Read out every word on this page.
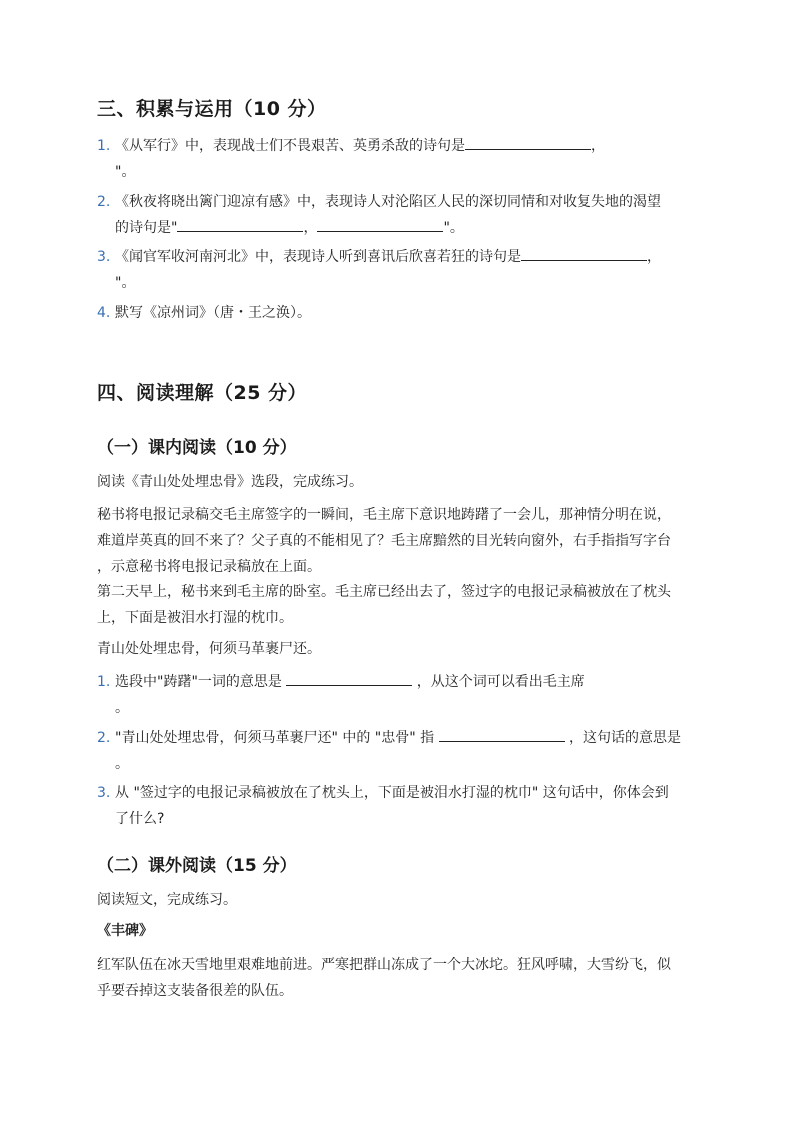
三、积累与运用（10 分）
1. 《从军行》中，表现战士们不畏艰苦、英勇杀敌的诗句是	，
"。
2. 《秋夜将晓出篱门迎凉有感》中，表现诗人对沦陷区人民的深切同情和对收复失地的渴望
的诗句是"	，	"。
3. 《闻官军收河南河北》中，表现诗人听到喜讯后欣喜若狂的诗句是	，
"。
4. 默写《凉州词》（唐・王之涣）。
四、阅读理解（25 分）
（一）课内阅读（10 分）
阅读《青山处处埋忠骨》选段，完成练习。
秘书将电报记录稿交毛主席签字的一瞬间，毛主席下意识地踌躇了一会儿，那神情分明在说，
难道岸英真的回不来了？父子真的不能相见了？毛主席黯然的目光转向窗外，右手指指写字台
，示意秘书将电报记录稿放在上面。
第二天早上，秘书来到毛主席的卧室。毛主席已经出去了，签过字的电报记录稿被放在了枕头
上，下面是被泪水打湿的枕巾。
青山处处埋忠骨，何须马革裹尸还。
1. 选段中"踌躇"一词的意思是	，从这个词可以看出毛主席
。
2. "青山处处埋忠骨，何须马革裹尸还" 中的 "忠骨" 指	，这句话的意思是
。
3. 从 "签过字的电报记录稿被放在了枕头上，下面是被泪水打湿的枕巾" 这句话中，你体会到
了什么?
（二）课外阅读（15 分）
阅读短文，完成练习。
《丰碑》
红军队伍在冰天雪地里艰难地前进。严寒把群山冻成了一个大冰坨。狂风呼啸，大雪纷飞，似
乎要吞掉这支装备很差的队伍。
